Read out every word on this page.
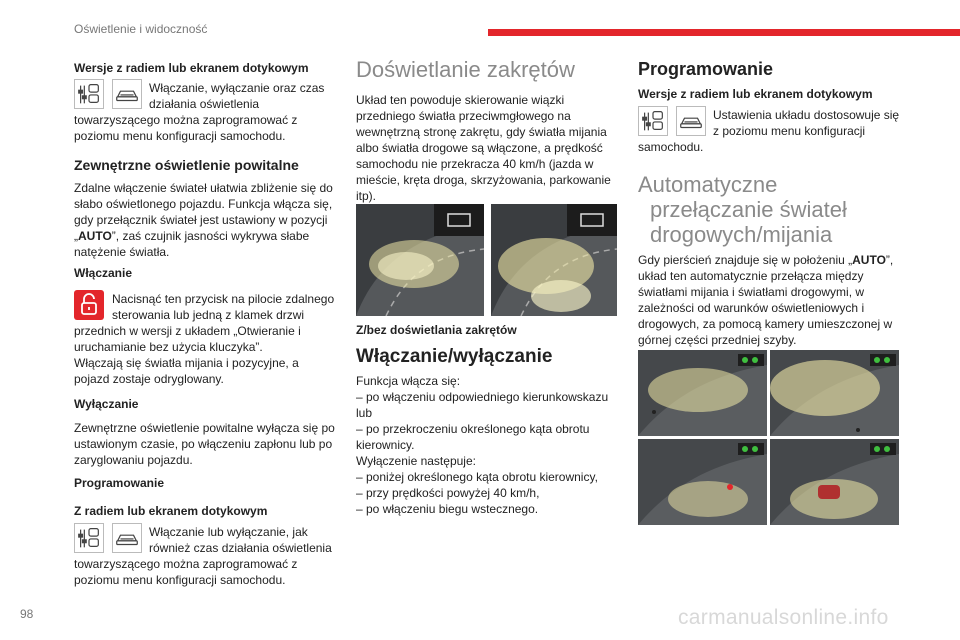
Oświetlenie i widoczność
Wersje z radiem lub ekranem dotykowym
Włączanie, wyłączanie oraz czas
działania oświetlenia
towarzyszącego można zaprogramować z
poziomu menu konfiguracji samochodu.
Zewnętrzne oświetlenie powitalne

Zdalne włączenie świateł ułatwia zbliżenie się do

słabo oświetlonego pojazdu. Funkcja włącza się,

gdy przełącznik świateł jest ustawiony w pozycji

„AUTO”, zaś czujnik jasności wykrywa słabe

natężenie światła.

Włączanie
Nacisnąć ten przycisk na pilocie zdalnego
sterowania lub jedną z klamek drzwi

przednich w wersji z układem „Otwieranie i

uruchamianie bez użycia kluczyka”.

Włączają się światła mijania i pozycyjne, a

pojazd zostaje odryglowany.

Wyłączanie

Zewnętrzne oświetlenie powitalne wyłącza się po

ustawionym czasie, po włączeniu zapłonu lub po

zaryglowaniu pojazdu.

Programowanie
Z radiem lub ekranem dotykowym
Włączanie lub wyłączanie, jak
również czas działania oświetlenia
towarzyszącego można zaprogramować z
poziomu menu konfiguracji samochodu.
Doświetlanie zakrętów

Układ ten powoduje skierowanie wiązki

przedniego światła przeciwmgłowego na

wewnętrzną stronę zakrętu, gdy światła mijania

albo światła drogowe są włączone, a prędkość

samochodu nie przekracza 40 km/h (jazda w

mieście, kręta droga, skrzyżowania, parkowanie

itp).

Z/bez doświetlania zakrętów
Włączanie/wyłączanie

Funkcja włącza się:

– po włączeniu odpowiedniego kierunkowskazu

lub

– po przekroczeniu określonego kąta obrotu

kierownicy.

Wyłączenie następuje:

– poniżej określonego kąta obrotu kierownicy,

– przy prędkości powyżej 40 km/h,

– po włączeniu biegu wstecznego.

Programowanie
Wersje z radiem lub ekranem dotykowym
Ustawienia układu dostosowuje się
z poziomu menu konfiguracji
samochodu.
Automatyczne
przełączanie świateł
drogowych/mijania

Gdy pierścień znajduje się w położeniu „AUTO”,

układ ten automatycznie przełącza między

światłami mijania i światłami drogowymi, w

zależności od warunków oświetleniowych i

drogowych, za pomocą kamery umieszczonej w

górnej części przedniej szyby.

98	carmanualsonline.info
